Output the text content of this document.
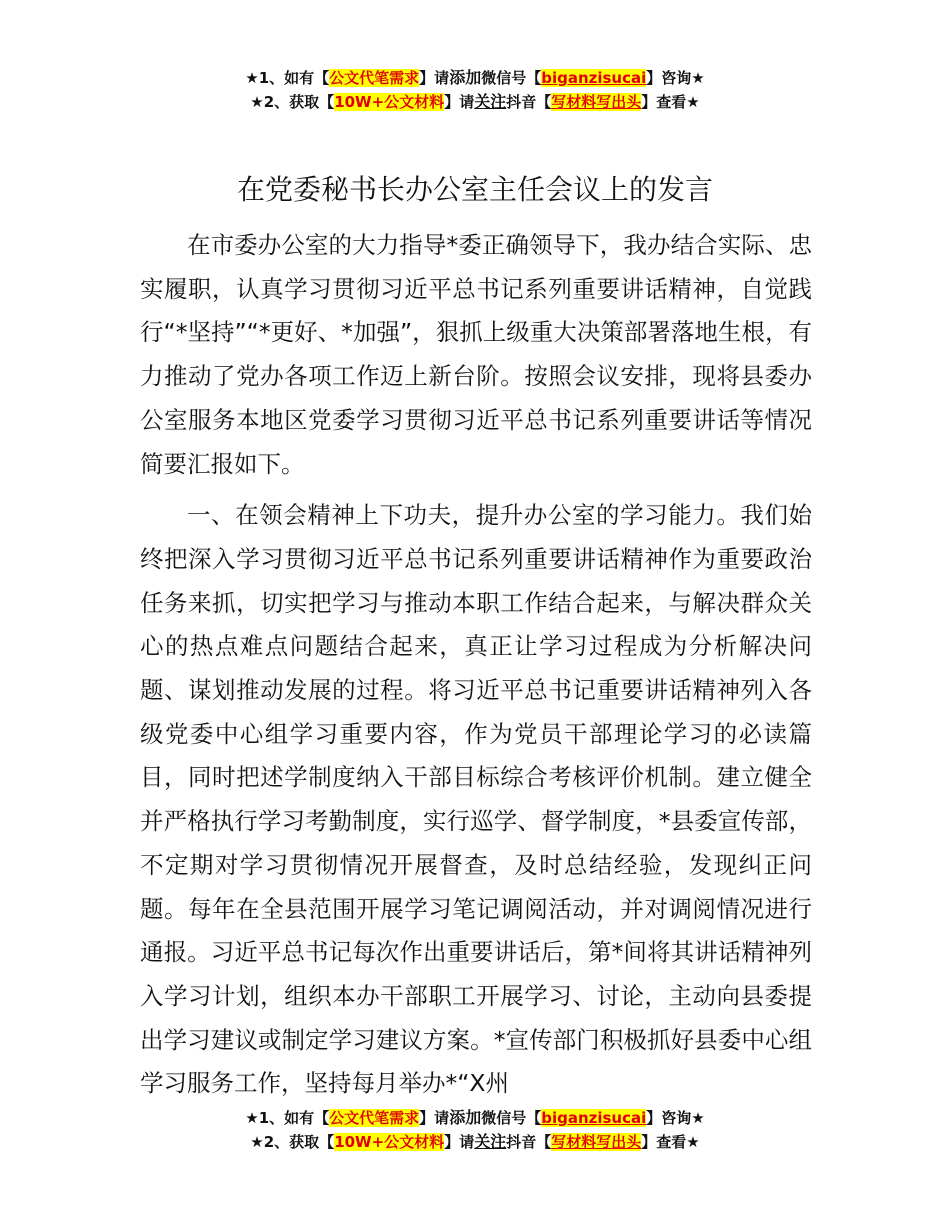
★1、如有【公文代笔需求】请添加微信号【biganzisucai】咨询★
★2、获取【10W+公文材料】请关注抖音【写材料写出头】查看★
在党委秘书长办公室主任会议上的发言

在市委办公室的大力指导*委正确领导下，我办结合实际、忠实履职，认真学习贯彻习近平总书记系列重要讲话精神，自觉践行“*坚持”“*更好、*加强”，狠抓上级重大决策部署落地生根，有力推动了党办各项工作迈上新台阶。按照会议安排，现将县委办公室服务本地区党委学习贯彻习近平总书记系列重要讲话等情况简要汇报如下。

一、在领会精神上下功夫，提升办公室的学习能力。我们始终把深入学习贯彻习近平总书记系列重要讲话精神作为重要政治任务来抓，切实把学习与推动本职工作结合起来，与解决群众关心的热点难点问题结合起来，真正让学习过程成为分析解决问题、谋划推动发展的过程。将习近平总书记重要讲话精神列入各级党委中心组学习重要内容，作为党员干部理论学习的必读篇目，同时把述学制度纳入干部目标综合考核评价机制。建立健全并严格执行学习考勤制度，实行巡学、督学制度，*县委宣传部，不定期对学习贯彻情况开展督查，及时总结经验，发现纠正问题。每年在全县范围开展学习笔记调阅活动，并对调阅情况进行通报。习近平总书记每次作出重要讲话后，第*间将其讲话精神列入学习计划，组织本办干部职工开展学习、讨论，主动向县委提出学习建议或制定学习建议方案。*宣传部门积极抓好县委中心组学习服务工作，坚持每月举办*“X州

★1、如有【公文代笔需求】请添加微信号【biganzisucai】咨询★
★2、获取【10W+公文材料】请关注抖音【写材料写出头】查看★
